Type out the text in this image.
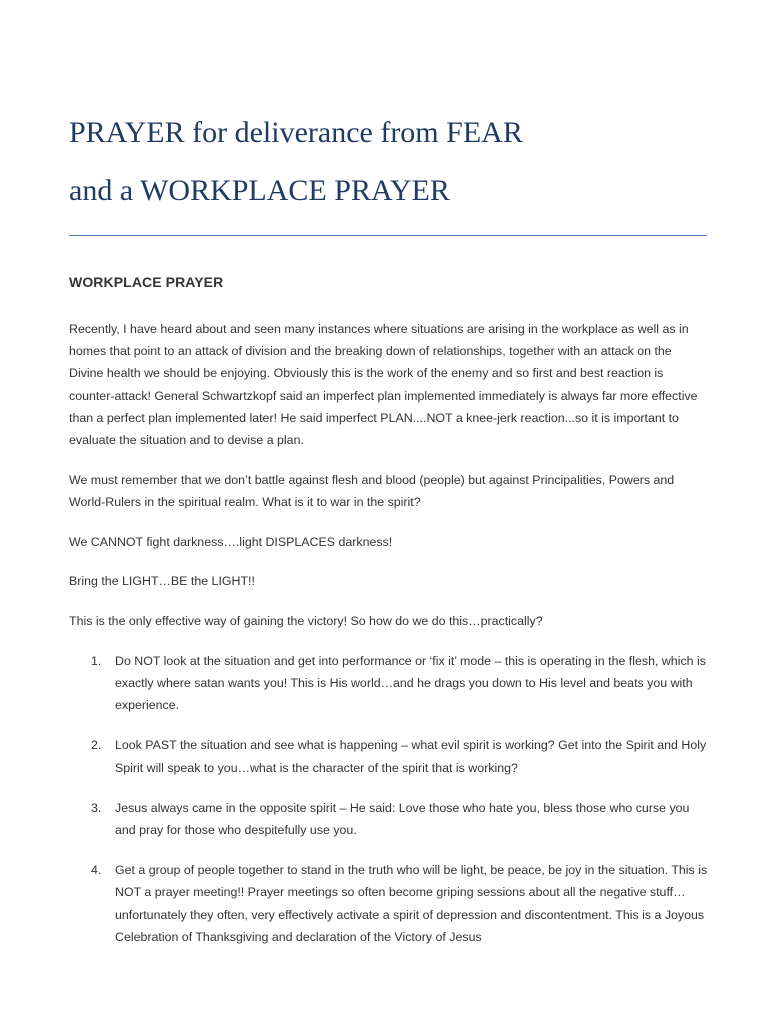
PRAYER for deliverance from FEAR
and a WORKPLACE PRAYER
WORKPLACE PRAYER

Recently, I have heard about and seen many instances where situations are arising in the workplace as well as in homes that point to an attack of division and the breaking down of relationships, together with an attack on the Divine health we should be enjoying. Obviously this is the work of the enemy and so first and best reaction is counter-attack! General Schwartzkopf said an imperfect plan implemented immediately is always far more effective than a perfect plan implemented later! He said imperfect PLAN....NOT a knee-jerk reaction...so it is important to evaluate the situation and to devise a plan.

We must remember that we don’t battle against flesh and blood (people) but against Principalities, Powers and World-Rulers in the spiritual realm. What is it to war in the spirit?

We CANNOT fight darkness….light DISPLACES darkness!

Bring the LIGHT…BE the LIGHT!!

This is the only effective way of gaining the victory! So how do we do this…practically?

1. Do NOT look at the situation and get into performance or ‘fix it’ mode – this is operating in the flesh, which is exactly where satan wants you! This is His world…and he drags you down to His level and beats you with experience.
2. Look PAST the situation and see what is happening – what evil spirit is working? Get into the Spirit and Holy Spirit will speak to you…what is the character of the spirit that is working?
3. Jesus always came in the opposite spirit – He said: Love those who hate you, bless those who curse you and pray for those who despitefully use you.
4. Get a group of people together to stand in the truth who will be light, be peace, be joy in the situation. This is NOT a prayer meeting!! Prayer meetings so often become griping sessions about all the negative stuff…unfortunately they often, very effectively activate a spirit of depression and discontentment. This is a Joyous Celebration of Thanksgiving and declaration of the Victory of Jesus
